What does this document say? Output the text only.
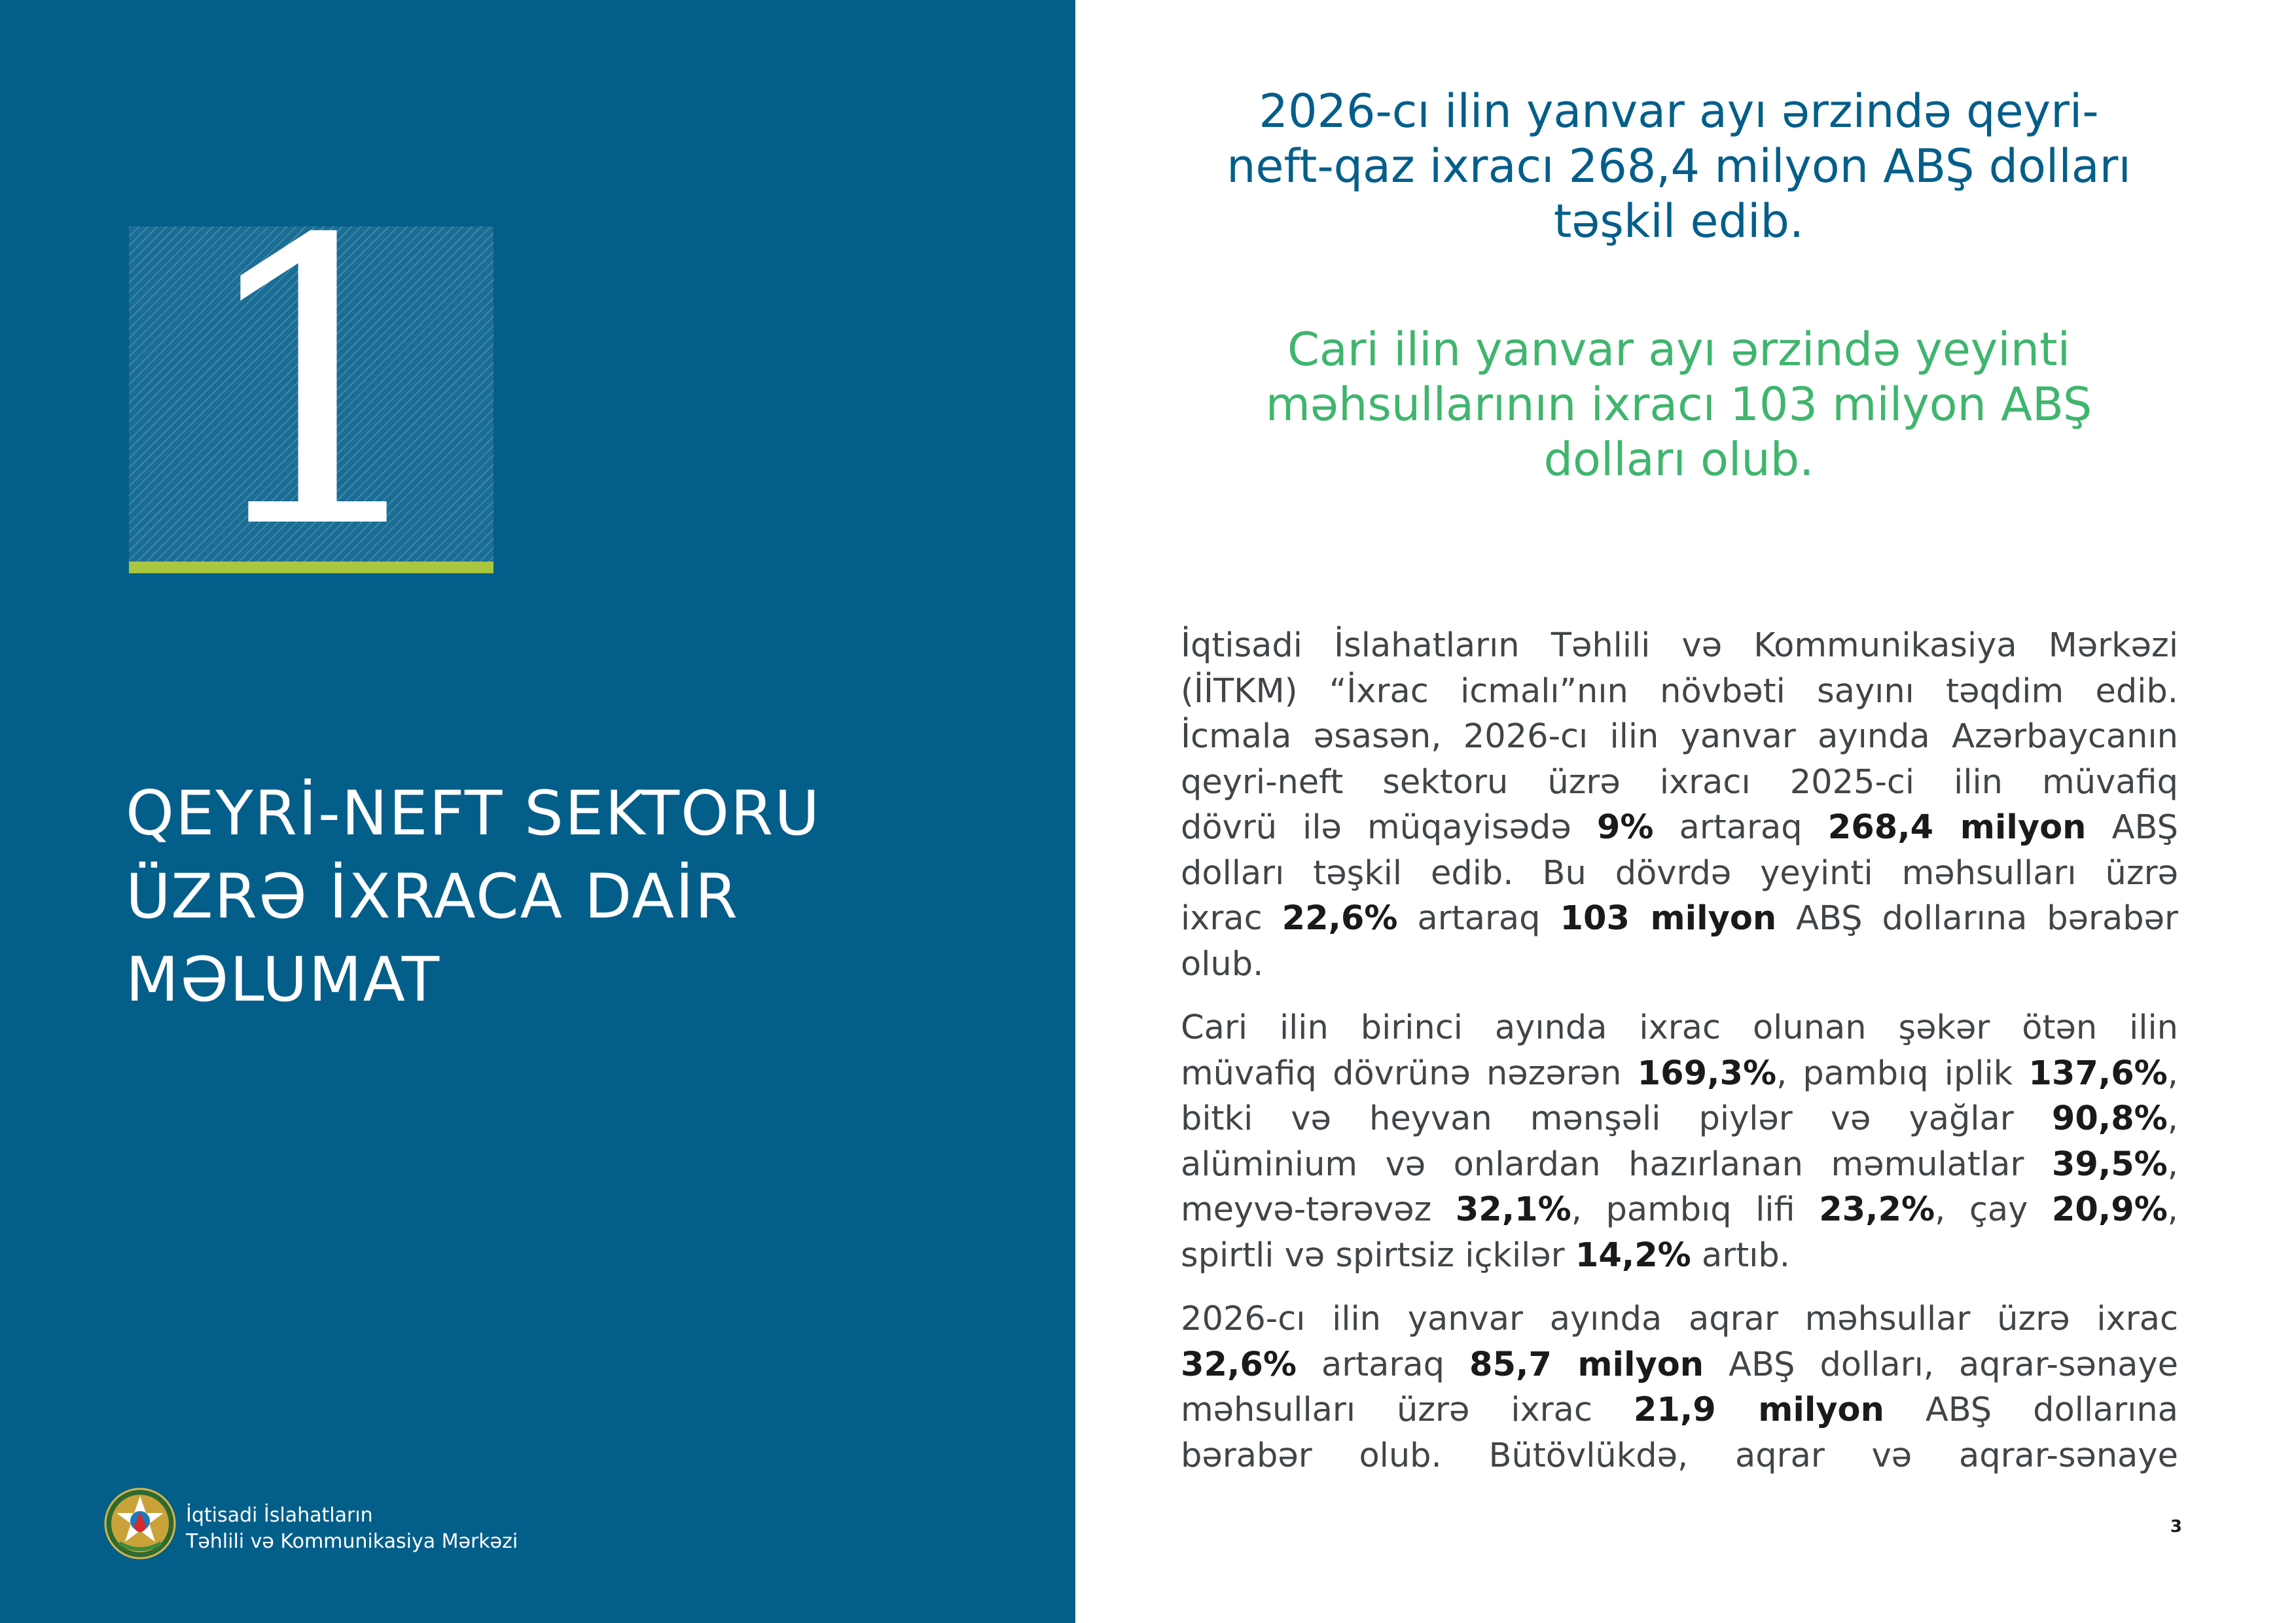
1
QEYRİ-NEFT SEKTORU
ÜZRƏ İXRACA DAİR
MƏLUMAT
İqtisadi İslahatların
Təhlili və Kommunikasiya Mərkəzi
2026-cı ilin yanvar ayı ərzində qeyri-
neft-qaz ixracı 268,4 milyon ABŞ dolları
təşkil edib.
Cari ilin yanvar ayı ərzində yeyinti
məhsullarının ixracı 103 milyon ABŞ
dolları olub.

İqtisadi İslahatların Təhlili və Kommunikasiya Mərkəzi
(İİTKM) “İxrac icmalı”nın növbəti sayını təqdim edib.
İcmala əsasən, 2026-cı ilin yanvar ayında Azərbaycanın
qeyri-neft sektoru üzrə ixracı 2025-ci ilin müvafiq
dövrü ilə müqayisədə 9% artaraq 268,4 milyon ABŞ
dolları təşkil edib. Bu dövrdə yeyinti məhsulları üzrə
ixrac 22,6% artaraq 103 milyon ABŞ dollarına bərabər
olub.

Cari ilin birinci ayında ixrac olunan şəkər ötən ilin
müvafiq dövrünə nəzərən 169,3%, pambıq iplik 137,6%,
bitki və heyvan mənşəli piylər və yağlar 90,8%,
alüminium və onlardan hazırlanan məmulatlar 39,5%,
meyvə-tərəvəz 32,1%, pambıq lifi 23,2%, çay 20,9%,
spirtli və spirtsiz içkilər 14,2% artıb.

2026-cı ilin yanvar ayında aqrar məhsullar üzrə ixrac
32,6% artaraq 85,7 milyon ABŞ dolları, aqrar-sənaye
məhsulları üzrə ixrac 21,9 milyon ABŞ dollarına
bərabər olub. Bütövlükdə, aqrar və aqrar-sənaye

3
